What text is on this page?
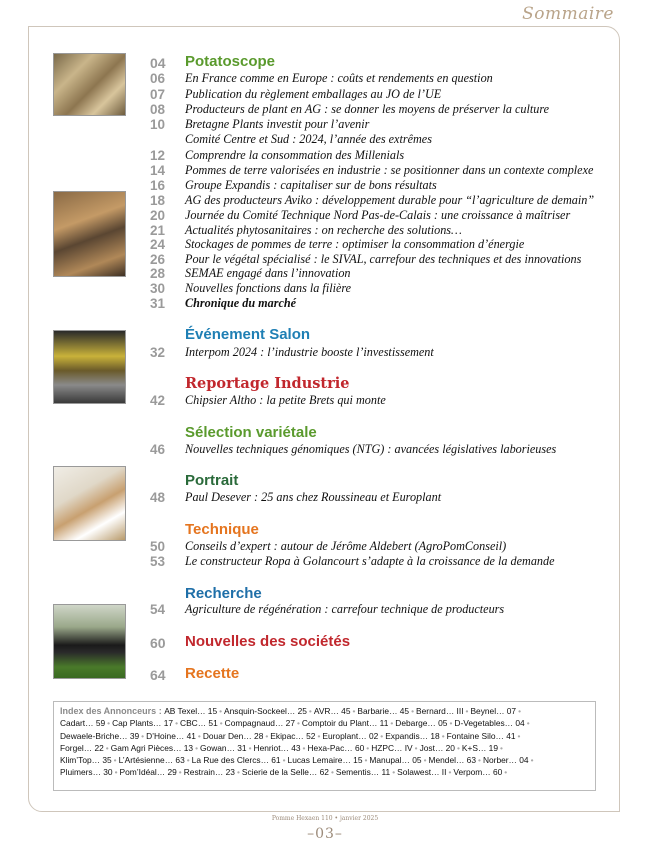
Sommaire
Potatoscope
Événement Salon
Reportage Industrie
Sélection variétale
Portrait
Technique
Recherche
Nouvelles des sociétés
Recette
04
06 En France comme en Europe : coûts et rendements en question
07 Publication du règlement emballages au JO de l’UE
08 Producteurs de plant en AG : se donner les moyens de préserver la culture
10 Bretagne Plants investit pour l’avenir
Comité Centre et Sud : 2024, l’année des extrêmes
12 Comprendre la consommation des Millenials
14 Pommes de terre valorisées en industrie : se positionner dans un contexte complexe
16 Groupe Expandis : capitaliser sur de bons résultats
18 AG des producteurs Aviko : développement durable pour “l’agriculture de demain”
20 Journée du Comité Technique Nord Pas-de-Calais : une croissance à maîtriser
21 Actualités phytosanitaires : on recherche des solutions…
24 Stockages de pommes de terre : optimiser la consommation d’énergie
26 Pour le végétal spécialisé : le SIVAL, carrefour des techniques et des innovations
28 SEMAE engagé dans l’innovation
30 Nouvelles fonctions dans la filière
31 Chronique du marché
32 Interpom 2024 : l’industrie booste l’investissement
42 Chipsier Altho : la petite Brets qui monte
46 Nouvelles techniques génomiques (NTG) : avancées législatives laborieuses
48 Paul Desever : 25 ans chez Roussineau et Europlant
50 Conseils d’expert : autour de Jérôme Aldebert (AgroPomConseil)
53 Le constructeur Ropa à Golancourt s’adapte à la croissance de la demande
54 Agriculture de régénération : carrefour technique de producteurs
60
64
Index des Annonceurs : AB Texel… 15 • Ansquin-Sockeel… 25 • AVR… 45 • Barbarie… 45 • Bernard… III • Beynel… 07 •
Cadart… 59 • Cap Plants… 17 • CBC… 51 • Compagnaud… 27 • Comptoir du Plant… 11 • Debarge… 05 • D-Vegetables… 04 •
Dewaele-Briche… 39 • D’Hoine… 41 • Douar Den… 28 • Ekipac… 52 • Europlant… 02 • Expandis… 18 • Fontaine Silo… 41 •
Forgel… 22 • Gam Agri Pièces… 13 • Gowan… 31 • Henriot… 43 • Hexa-Pac… 60 • HZPC… IV • Jost… 20 • K+S… 19 •
Klim’Top… 35 • L’Artésienne… 63 • La Rue des Clercs… 61 • Lucas Lemaire… 15 • Manupal… 05 • Mendel… 63 • Norber… 04 •
Pluimers… 30 • Pom’Idéal… 29 • Restrain… 23 • Scierie de la Selle… 62 • Sementis… 11 • Solawest… II • Verpom… 60 •
Pomme Hexaen 110 • janvier 2025
–03–
